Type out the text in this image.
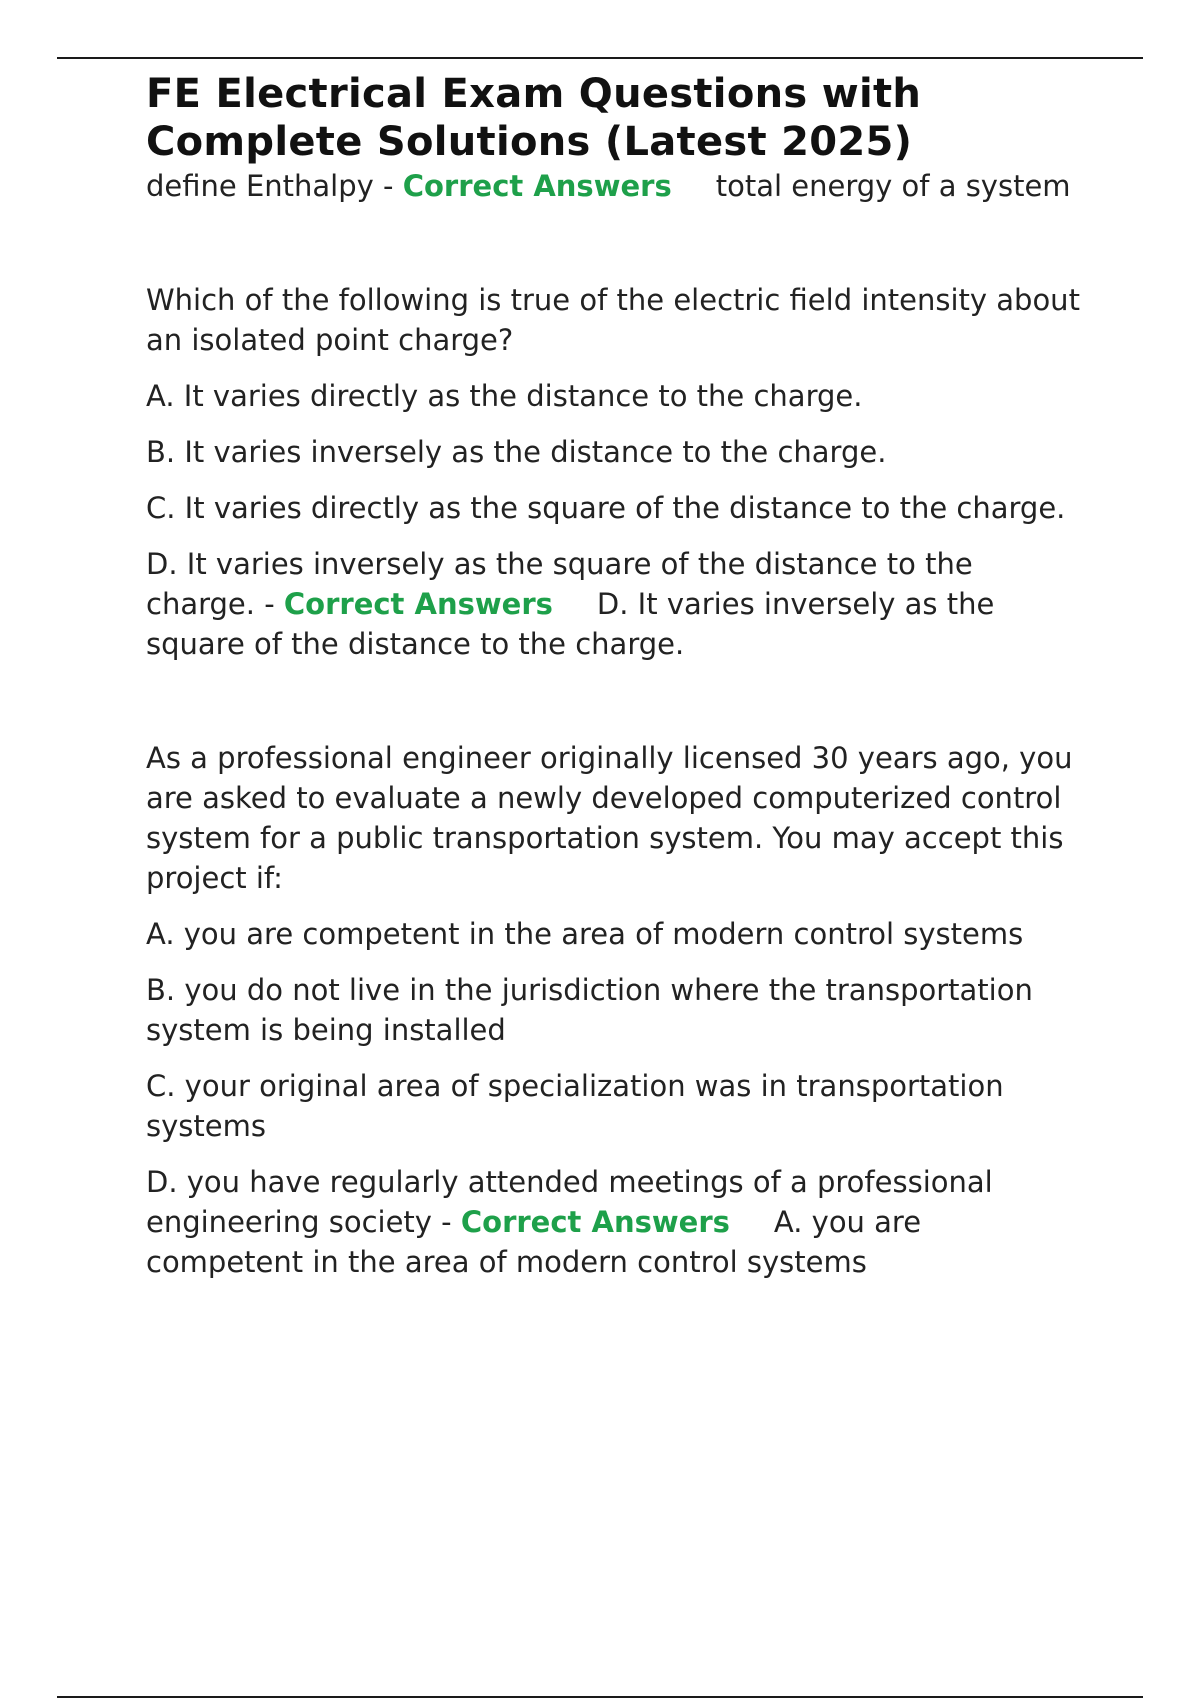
FE Electrical Exam Questions with Complete Solutions (Latest 2025)

define Enthalpy - Correct Answers total energy of a system

Which of the following is true of the electric field intensity about an isolated point charge?

A. It varies directly as the distance to the charge.

B. It varies inversely as the distance to the charge.

C. It varies directly as the square of the distance to the charge.

D. It varies inversely as the square of the distance to the charge. - Correct Answers D. It varies inversely as the square of the distance to the charge.

As a professional engineer originally licensed 30 years ago, you are asked to evaluate a newly developed computerized control system for a public transportation system. You may accept this project if:

A. you are competent in the area of modern control systems

B. you do not live in the jurisdiction where the transportation system is being installed

C. your original area of specialization was in transportation systems

D. you have regularly attended meetings of a professional engineering society - Correct Answers A. you are competent in the area of modern control systems
